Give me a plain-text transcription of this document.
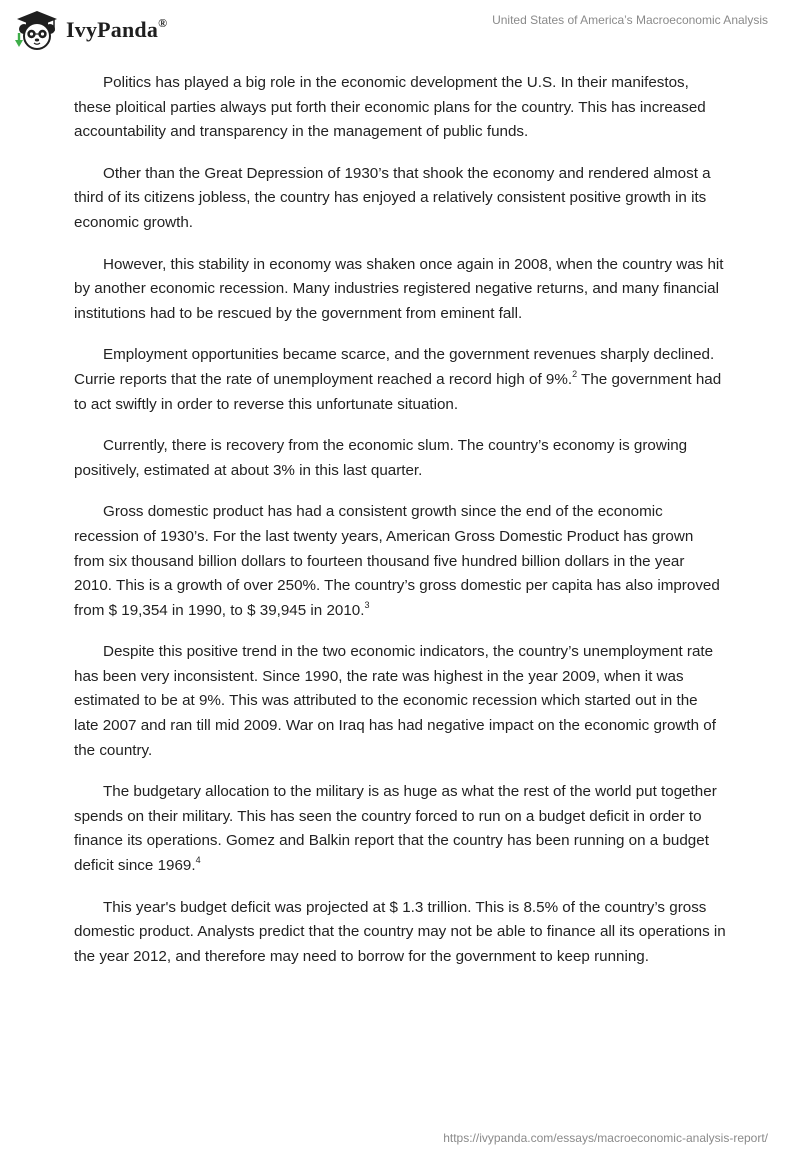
IvyPanda®	United States of America’s Macroeconomic Analysis

Politics has played a big role in the economic development the U.S. In their manifestos, these ploitical parties always put forth their economic plans for the country. This has increased accountability and transparency in the management of public funds.

Other than the Great Depression of 1930’s that shook the economy and rendered almost a third of its citizens jobless, the country has enjoyed a relatively consistent positive growth in its economic growth.

However, this stability in economy was shaken once again in 2008, when the country was hit by another economic recession. Many industries registered negative returns, and many financial institutions had to be rescued by the government from eminent fall.

Employment opportunities became scarce, and the government revenues sharply declined. Currie reports that the rate of unemployment reached a record high of 9%.$^2$ The government had to act swiftly in order to reverse this unfortunate situation.

Currently, there is recovery from the economic slum. The country’s economy is growing positively, estimated at about 3% in this last quarter.

Gross domestic product has had a consistent growth since the end of the economic recession of 1930’s. For the last twenty years, American Gross Domestic Product has grown from six thousand billion dollars to fourteen thousand five hundred billion dollars in the year 2010. This is a growth of over 250%. The country’s gross domestic per capita has also improved from $ 19,354 in 1990, to $ 39,945 in 2010.$^3$

Despite this positive trend in the two economic indicators, the country’s unemployment rate has been very inconsistent. Since 1990, the rate was highest in the year 2009, when it was estimated to be at 9%. This was attributed to the economic recession which started out in the late 2007 and ran till mid 2009. War on Iraq has had negative impact on the economic growth of the country.

The budgetary allocation to the military is as huge as what the rest of the world put together spends on their military. This has seen the country forced to run on a budget deficit in order to finance its operations. Gomez and Balkin report that the country has been running on a budget deficit since 1969.$^4$

This year's budget deficit was projected at $ 1.3 trillion. This is 8.5% of the country’s gross domestic product. Analysts predict that the country may not be able to finance all its operations in the year 2012, and therefore may need to borrow for the government to keep running.

https://ivypanda.com/essays/macroeconomic-analysis-report/
